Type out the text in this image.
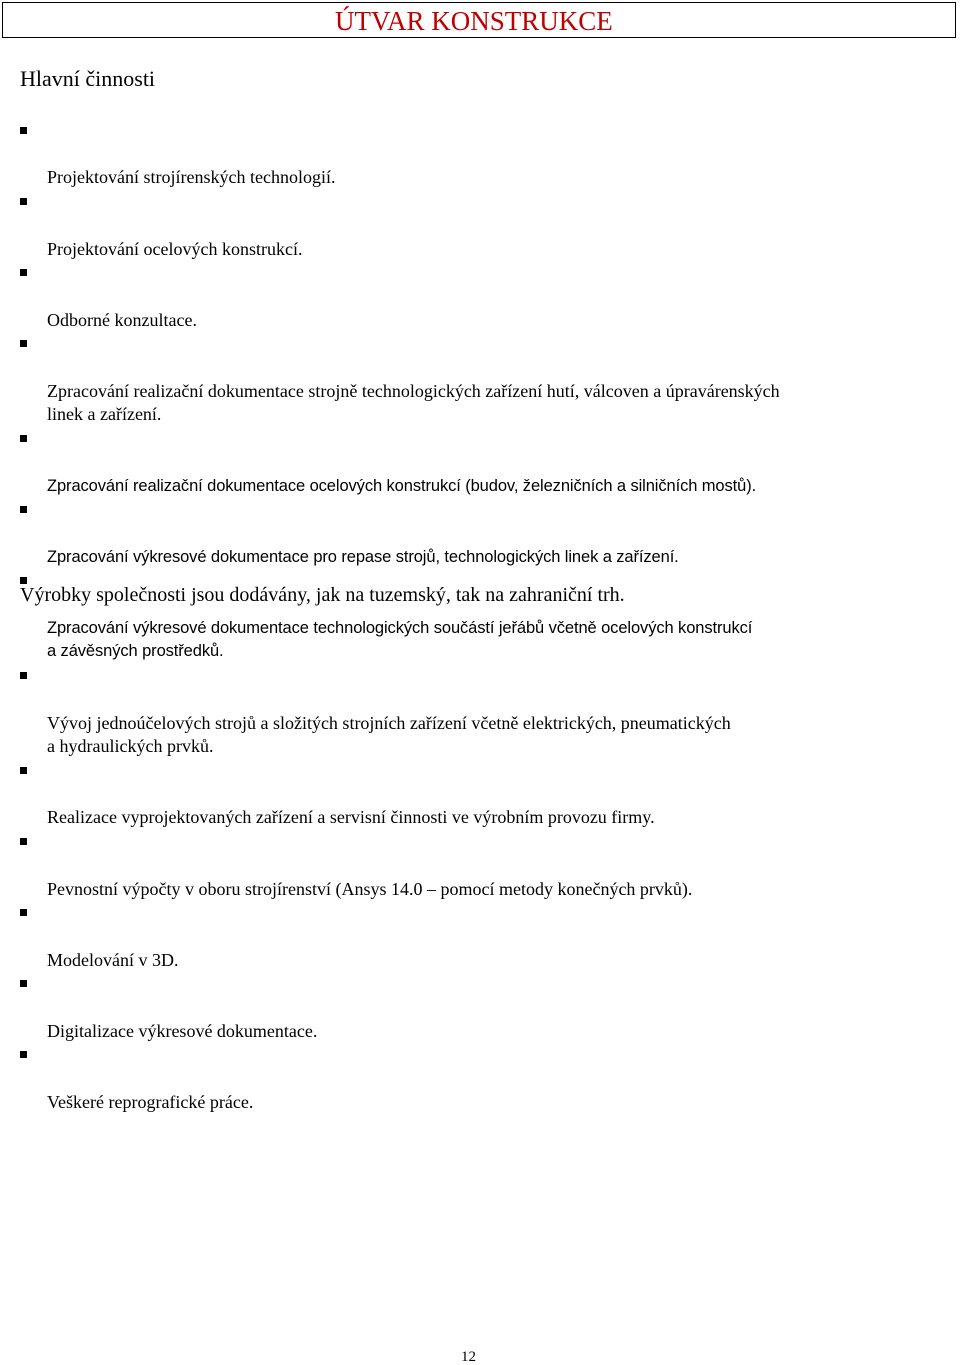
ÚTVAR KONSTRUKCE
Hlavní činnosti

Projektování strojírenských technologií.

Projektování ocelových konstrukcí.

Odborné konzultace.

Zpracování realizační dokumentace strojně technologických zařízení hutí, válcoven a úpravárenských
linek a zařízení.

Zpracování realizační dokumentace ocelových konstrukcí (budov, železničních a silničních mostů).

Zpracování výkresové dokumentace pro repase strojů, technologických linek a zařízení.

Zpracování výkresové dokumentace technologických součástí jeřábů včetně ocelových konstrukcí
a závěsných prostředků.

Vývoj jednoúčelových strojů a složitých strojních zařízení včetně elektrických, pneumatických
a hydraulických prvků.

Realizace vyprojektovaných zařízení a servisní činnosti ve výrobním provozu firmy.

Pevnostní výpočty v oboru strojírenství (Ansys 14.0 – pomocí metody konečných prvků).

Modelování v 3D.

Digitalizace výkresové dokumentace.

Veškeré reprografické práce.

Výrobky společnosti jsou dodávány, jak na tuzemský, tak na zahraniční trh.
12
